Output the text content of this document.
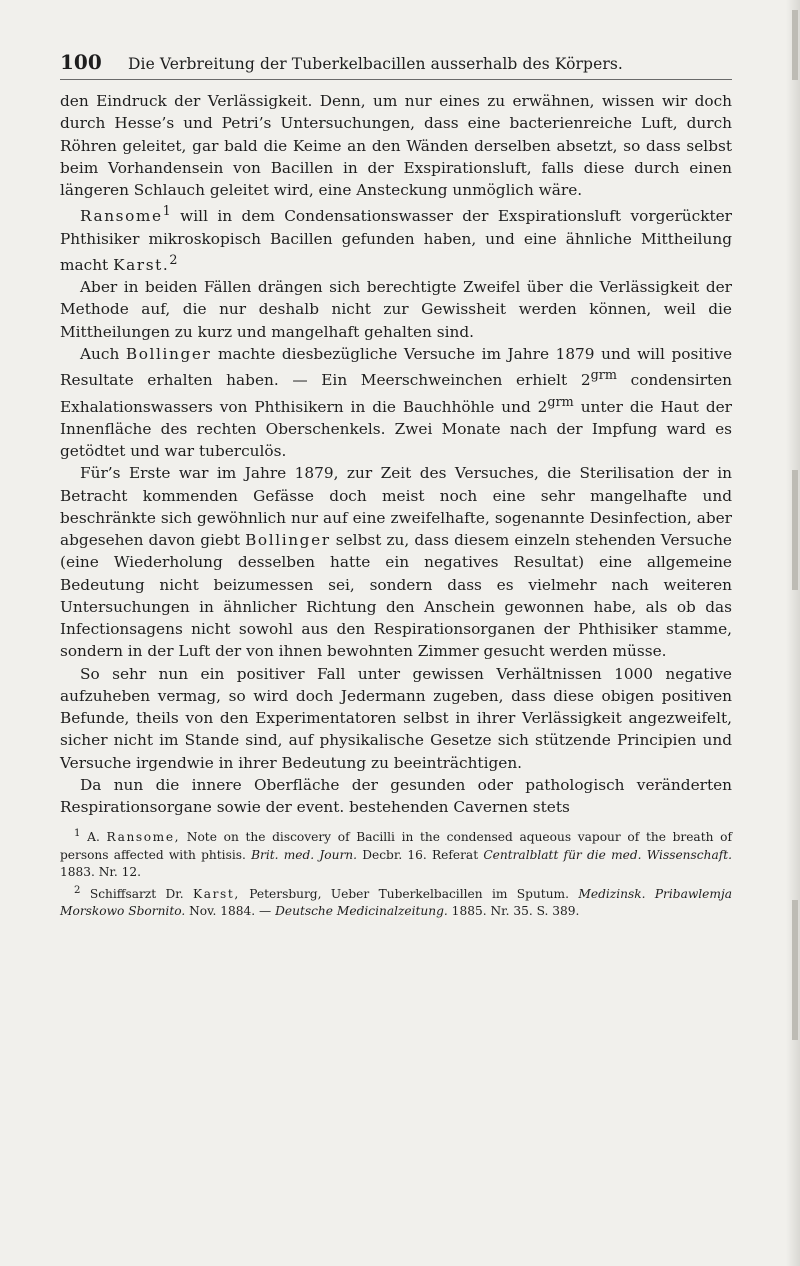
100	Die Verbreitung der Tuberkelbacillen ausserhalb des Körpers.

den Eindruck der Verlässigkeit. Denn, um nur eines zu erwähnen, wissen wir doch durch Hesse’s und Petri’s Untersuchungen, dass eine bacterienreiche Luft, durch Röhren geleitet, gar bald die Keime an den Wänden derselben absetzt, so dass selbst beim Vorhandensein von Bacillen in der Exspirationsluft, falls diese durch einen längeren Schlauch geleitet wird, eine Ansteckung unmöglich wäre.

Ransome$^1$ will in dem Condensationswasser der Exspirationsluft vorgerückter Phthisiker mikroskopisch Bacillen gefunden haben, und eine ähnliche Mittheilung macht Karst.$^2$

Aber in beiden Fällen drängen sich berechtigte Zweifel über die Verlässigkeit der Methode auf, die nur deshalb nicht zur Gewissheit werden können, weil die Mittheilungen zu kurz und mangelhaft gehalten sind.

Auch Bollinger machte diesbezügliche Versuche im Jahre 1879 und will positive Resultate erhalten haben. — Ein Meerschweinchen erhielt $2^{grm}$ condensirten Exhalationswassers von Phthisikern in die Bauchhöhle und $2^{grm}$ unter die Haut der Innenfläche des rechten Oberschenkels. Zwei Monate nach der Impfung ward es getödtet und war tuberculös.

Für’s Erste war im Jahre 1879, zur Zeit des Versuches, die Sterilisation der in Betracht kommenden Gefässe doch meist noch eine sehr mangelhafte und beschränkte sich gewöhnlich nur auf eine zweifelhafte, sogenannte Desinfection, aber abgesehen davon giebt Bollinger selbst zu, dass diesem einzeln stehenden Versuche (eine Wiederholung desselben hatte ein negatives Resultat) eine allgemeine Bedeutung nicht beizumessen sei, sondern dass es vielmehr nach weiteren Untersuchungen in ähnlicher Richtung den Anschein gewonnen habe, als ob das Infectionsagens nicht sowohl aus den Respirationsorganen der Phthisiker stamme, sondern in der Luft der von ihnen bewohnten Zimmer gesucht werden müsse.

So sehr nun ein positiver Fall unter gewissen Verhältnissen 1000 negative aufzuheben vermag, so wird doch Jedermann zugeben, dass diese obigen positiven Befunde, theils von den Experimentatoren selbst in ihrer Verlässigkeit angezweifelt, sicher nicht im Stande sind, auf physikalische Gesetze sich stützende Principien und Versuche irgendwie in ihrer Bedeutung zu beeinträchtigen.

Da nun die innere Oberfläche der gesunden oder pathologisch veränderten Respirationsorgane sowie der event. bestehenden Cavernen stets

$^1$ A. Ransome, Note on the discovery of Bacilli in the condensed aqueous vapour of the breath of persons affected with phtisis. Brit. med. Journ. Decbr. 16. Referat Centralblatt für die med. Wissenschaft. 1883. Nr. 12.

$^2$ Schiffsarzt Dr. Karst, Petersburg, Ueber Tuberkelbacillen im Sputum. Medizinsk. Pribawlemja Morskowo Sbornito. Nov. 1884. — Deutsche Medicinalzeitung. 1885. Nr. 35. S. 389.
